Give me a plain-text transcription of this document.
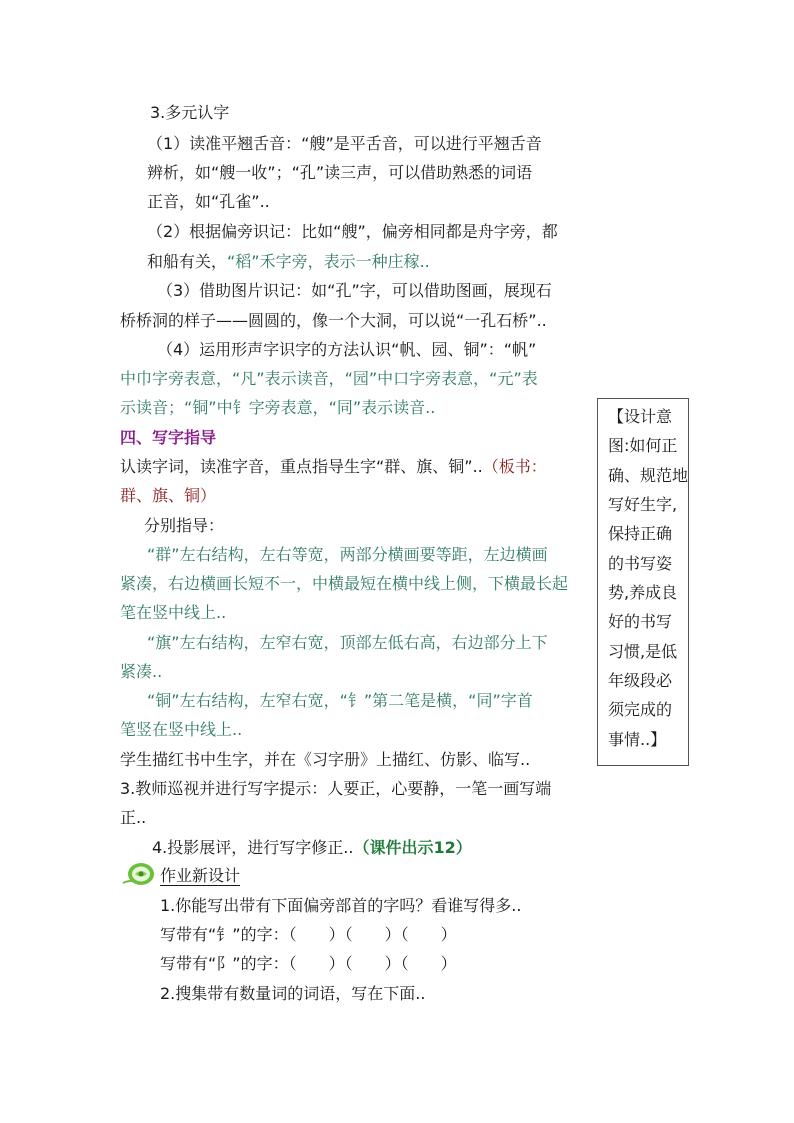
3.多元认字
（1）读准平翘舌音：“艘”是平舌音，可以进行平翘舌音
辨析，如“艘一收”；“孔”读三声，可以借助熟悉的词语
正音，如“孔雀”..
（2）根据偏旁识记：比如“艘”，偏旁相同都是舟字旁，都
和船有关，“稻”禾字旁，表示一种庄稼..
（3）借助图片识记：如“孔”字，可以借助图画，展现石
桥桥洞的样子——圆圆的，像一个大洞，可以说“一孔石桥”..
（4）运用形声字识字的方法认识“帆、园、铜”：“帆”
中巾字旁表意，“凡”表示读音，“园”中口字旁表意，“元”表
示读音；“铜”中钅字旁表意，“同”表示读音..
四、写字指导
认读字词，读准字音，重点指导生字“群、旗、铜”..（板书：
群、旗、铜）
分别指导：
“群”左右结构，左右等宽，两部分横画要等距，左边横画
紧凑，右边横画长短不一，中横最短在横中线上侧，下横最长起
笔在竖中线上..
“旗”左右结构，左窄右宽，顶部左低右高，右边部分上下
紧凑..
“铜”左右结构，左窄右宽，“钅”第二笔是横，“同”字首
笔竖在竖中线上..
学生描红书中生字，并在《习字册》上描红、仿影、临写..
3.教师巡视并进行写字提示：人要正，心要静，一笔一画写端
正..
4.投影展评，进行写字修正..（课件出示12）
【设计意
图:如何正
确、规范地
写好生字,
保持正确
的书写姿
势,养成良
好的书写
习惯,是低
年级段必
须完成的
事情..】
作业新设计
1.你能写出带有下面偏旁部首的字吗？看谁写得多..
写带有“钅”的字：（　　）（　　）（　　）
写带有“阝”的字：（　　）（　　）（　　）
2.搜集带有数量词的词语，写在下面..
